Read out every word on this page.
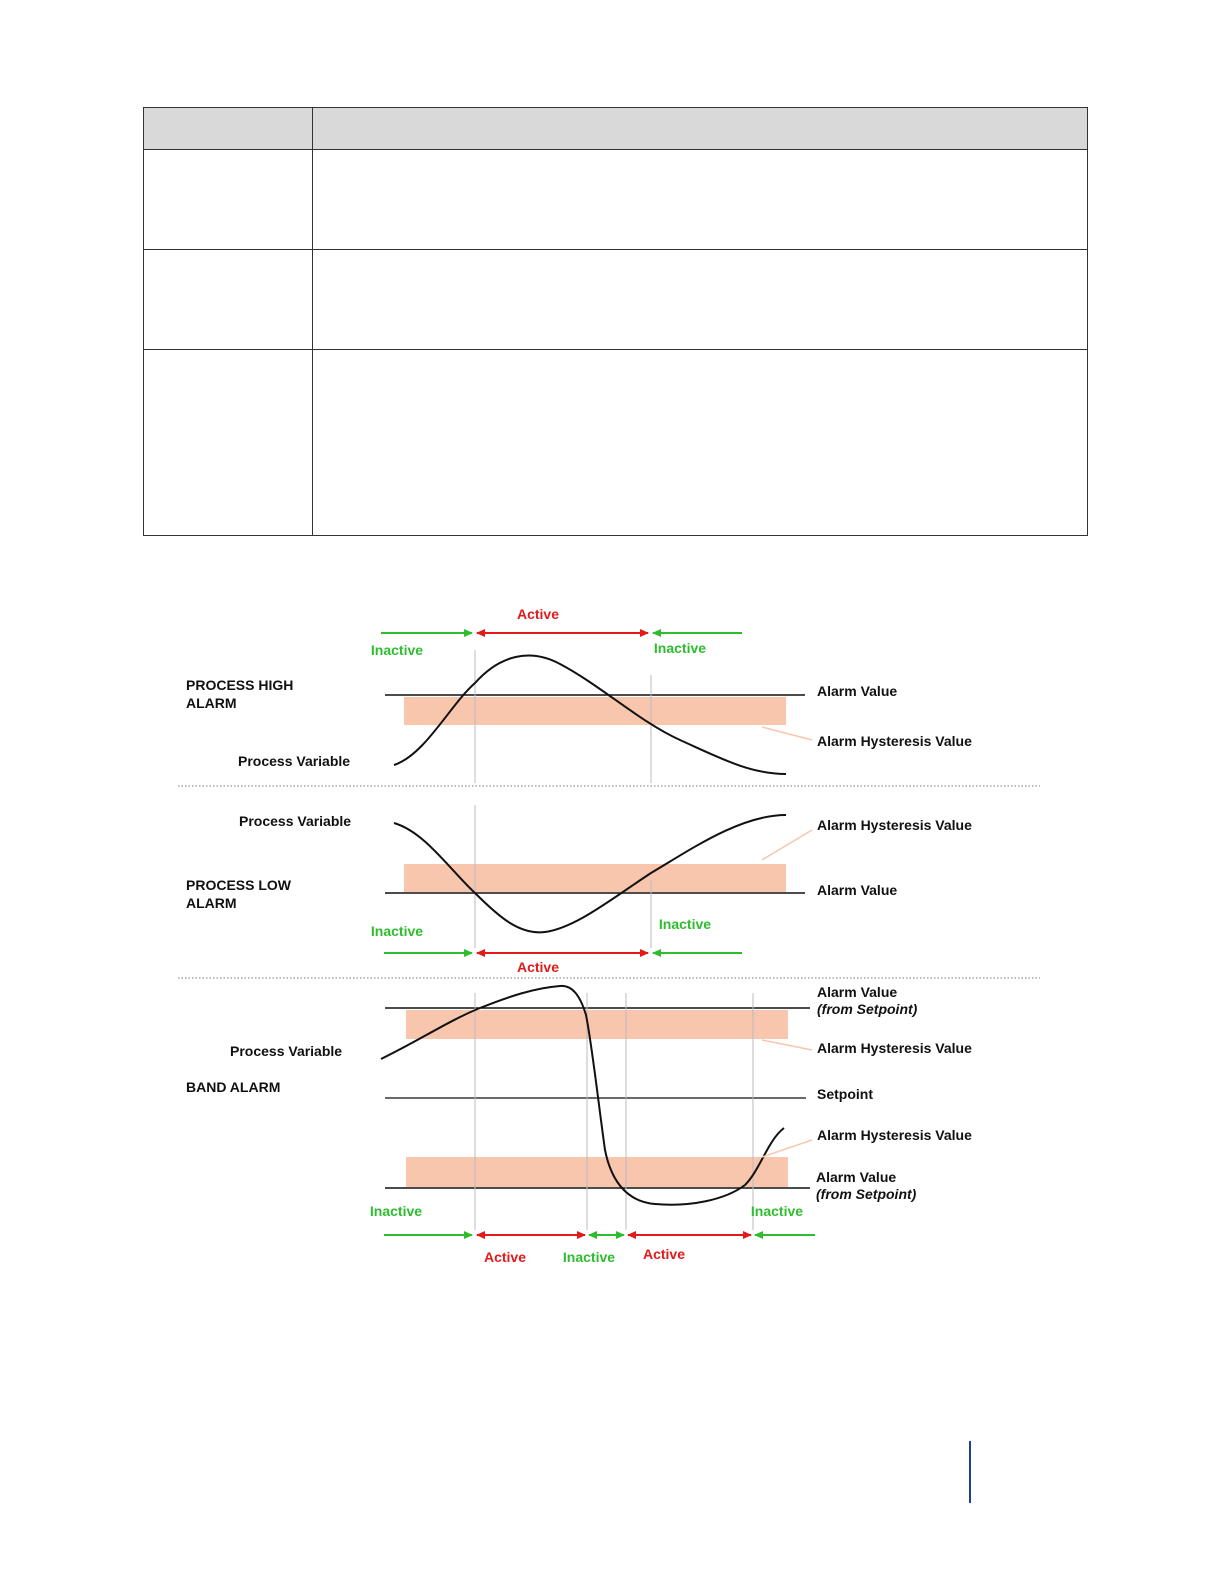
Active
Inactive	Inactive
PROCESS HIGH
ALARM
Process Variable
Alarm Value
Alarm Hysteresis Value
Inactive	Inactive
Active
Process Variable
PROCESS LOW
ALARM
Alarm Hysteresis Value
Alarm Value
Inactive	Inactive
Active	Inactive Active
Process Variable
BAND ALARM
Alarm Value
(from Setpoint)
Alarm Hysteresis Value
Setpoint
Alarm Hysteresis Value
Alarm Value
(from Setpoint)
